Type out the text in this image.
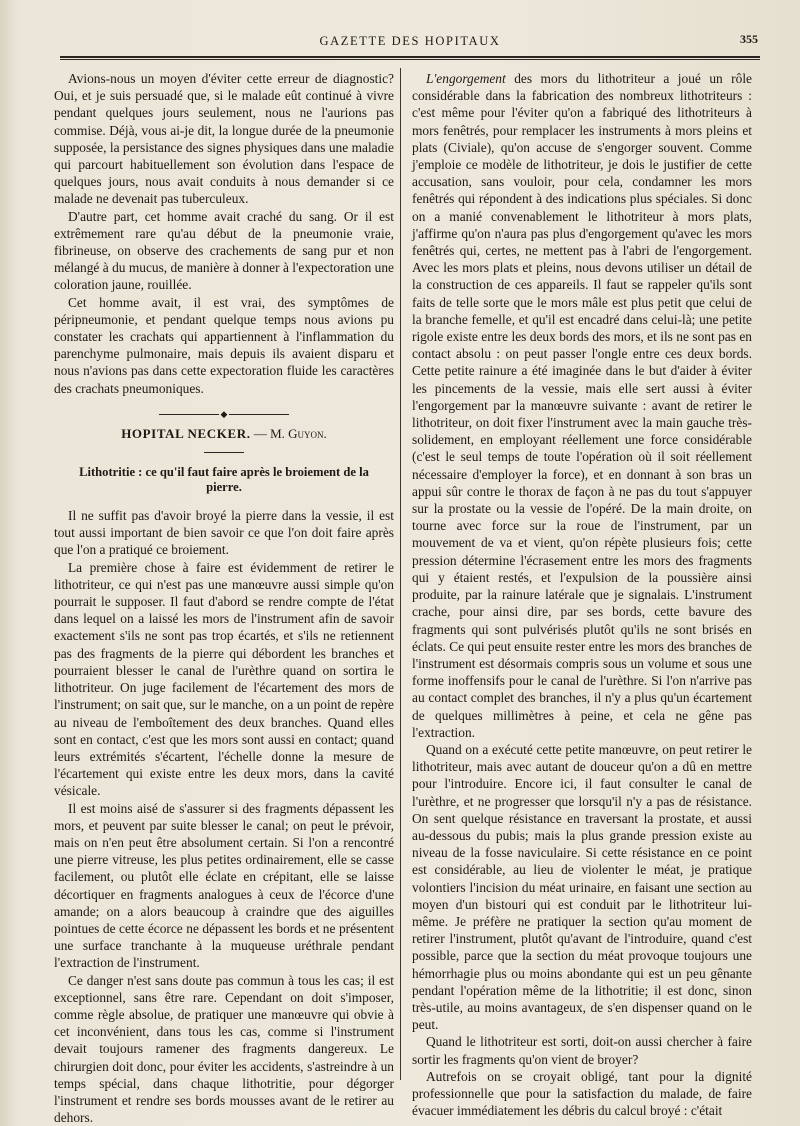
GAZETTE DES HOPITAUX	355

Avions-nous un moyen d'éviter cette erreur de diagnostic? Oui, et je suis persuadé que, si le malade eût continué à vivre pendant quelques jours seulement, nous ne l'aurions pas commise. Déjà, vous ai-je dit, la longue durée de la pneumonie supposée, la persistance des signes physiques dans une maladie qui parcourt habituellement son évolution dans l'espace de quelques jours, nous avait conduits à nous demander si ce malade ne devenait pas tuberculeux.

D'autre part, cet homme avait craché du sang. Or il est extrêmement rare qu'au début de la pneumonie vraie, fibrineuse, on observe des crachements de sang pur et non mélangé à du mucus, de manière à donner à l'expectoration une coloration jaune, rouillée.

Cet homme avait, il est vrai, des symptômes de péripneumonie, et pendant quelque temps nous avions pu constater les crachats qui appartiennent à l'inflammation du parenchyme pulmonaire, mais depuis ils avaient disparu et nous n'avions pas dans cette expectoration fluide les caractères des crachats pneumoniques.

◆
HOPITAL NECKER. — M. Guyon.
Lithotritie : ce qu'il faut faire après le broiement de la pierre.

Il ne suffit pas d'avoir broyé la pierre dans la vessie, il est tout aussi important de bien savoir ce que l'on doit faire après que l'on a pratiqué ce broiement.

La première chose à faire est évidemment de retirer le lithotriteur, ce qui n'est pas une manœuvre aussi simple qu'on pourrait le supposer. Il faut d'abord se rendre compte de l'état dans lequel on a laissé les mors de l'instrument afin de savoir exactement s'ils ne sont pas trop écartés, et s'ils ne retiennent pas des fragments de la pierre qui débordent les branches et pourraient blesser le canal de l'urèthre quand on sortira le lithotriteur. On juge facilement de l'écartement des mors de l'instrument; on sait que, sur le manche, on a un point de repère au niveau de l'emboîtement des deux branches. Quand elles sont en contact, c'est que les mors sont aussi en contact; quand leurs extrémités s'écartent, l'échelle donne la mesure de l'écartement qui existe entre les deux mors, dans la cavité vésicale.

Il est moins aisé de s'assurer si des fragments dépassent les mors, et peuvent par suite blesser le canal; on peut le prévoir, mais on n'en peut être absolument certain. Si l'on a rencontré une pierre vitreuse, les plus petites ordinairement, elle se casse facilement, ou plutôt elle éclate en crépitant, elle se laisse décortiquer en fragments analogues à ceux de l'écorce d'une amande; on a alors beaucoup à craindre que des aiguilles pointues de cette écorce ne dépassent les bords et ne présentent une surface tranchante à la muqueuse uréthrale pendant l'extraction de l'instrument.

Ce danger n'est sans doute pas commun à tous les cas; il est exceptionnel, sans être rare. Cependant on doit s'imposer, comme règle absolue, de pratiquer une manœuvre qui obvie à cet inconvénient, dans tous les cas, comme si l'instrument devait toujours ramener des fragments dangereux. Le chirurgien doit donc, pour éviter les accidents, s'astreindre à un temps spécial, dans chaque lithotritie, pour dégorger l'instrument et rendre ses bords mousses avant de le retirer au dehors.

L'engorgement des mors du lithotriteur a joué un rôle considérable dans la fabrication des nombreux lithotriteurs : c'est même pour l'éviter qu'on a fabriqué des lithotriteurs à mors fenêtrés, pour remplacer les instruments à mors pleins et plats (Civiale), qu'on accuse de s'engorger souvent. Comme j'emploie ce modèle de lithotriteur, je dois le justifier de cette accusation, sans vouloir, pour cela, condamner les mors fenêtrés qui répondent à des indications plus spéciales. Si donc on a manié convenablement le lithotriteur à mors plats, j'affirme qu'on n'aura pas plus d'engorgement qu'avec les mors fenêtrés qui, certes, ne mettent pas à l'abri de l'engorgement. Avec les mors plats et pleins, nous devons utiliser un détail de la construction de ces appareils. Il faut se rappeler qu'ils sont faits de telle sorte que le mors mâle est plus petit que celui de la branche femelle, et qu'il est encadré dans celui-là; une petite rigole existe entre les deux bords des mors, et ils ne sont pas en contact absolu : on peut passer l'ongle entre ces deux bords. Cette petite rainure a été imaginée dans le but d'aider à éviter les pincements de la vessie, mais elle sert aussi à éviter l'engorgement par la manœuvre suivante : avant de retirer le lithotriteur, on doit fixer l'instrument avec la main gauche très-solidement, en employant réellement une force considérable (c'est le seul temps de toute l'opération où il soit réellement nécessaire d'employer la force), et en donnant à son bras un appui sûr contre le thorax de façon à ne pas du tout s'appuyer sur la prostate ou la vessie de l'opéré. De la main droite, on tourne avec force sur la roue de l'instrument, par un mouvement de va et vient, qu'on répète plusieurs fois; cette pression détermine l'écrasement entre les mors des fragments qui y étaient restés, et l'expulsion de la poussière ainsi produite, par la rainure latérale que je signalais. L'instrument crache, pour ainsi dire, par ses bords, cette bavure des fragments qui sont pulvérisés plutôt qu'ils ne sont brisés en éclats. Ce qui peut ensuite rester entre les mors des branches de l'instrument est désormais compris sous un volume et sous une forme inoffensifs pour le canal de l'urèthre. Si l'on n'arrive pas au contact complet des branches, il n'y a plus qu'un écartement de quelques millimètres à peine, et cela ne gêne pas l'extraction.

Quand on a exécuté cette petite manœuvre, on peut retirer le lithotriteur, mais avec autant de douceur qu'on a dû en mettre pour l'introduire. Encore ici, il faut consulter le canal de l'urèthre, et ne progresser que lorsqu'il n'y a pas de résistance. On sent quelque résistance en traversant la prostate, et aussi au-dessous du pubis; mais la plus grande pression existe au niveau de la fosse naviculaire. Si cette résistance en ce point est considérable, au lieu de violenter le méat, je pratique volontiers l'incision du méat urinaire, en faisant une section au moyen d'un bistouri qui est conduit par le lithotriteur lui-même. Je préfère ne pratiquer la section qu'au moment de retirer l'instrument, plutôt qu'avant de l'introduire, quand c'est possible, parce que la section du méat provoque toujours une hémorrhagie plus ou moins abondante qui est un peu gênante pendant l'opération même de la lithotritie; il est donc, sinon très-utile, au moins avantageux, de s'en dispenser quand on le peut.

Quand le lithotriteur est sorti, doit-on aussi chercher à faire sortir les fragments qu'on vient de broyer?

Autrefois on se croyait obligé, tant pour la dignité professionnelle que pour la satisfaction du malade, de faire évacuer immédiatement les débris du calcul broyé : c'était
